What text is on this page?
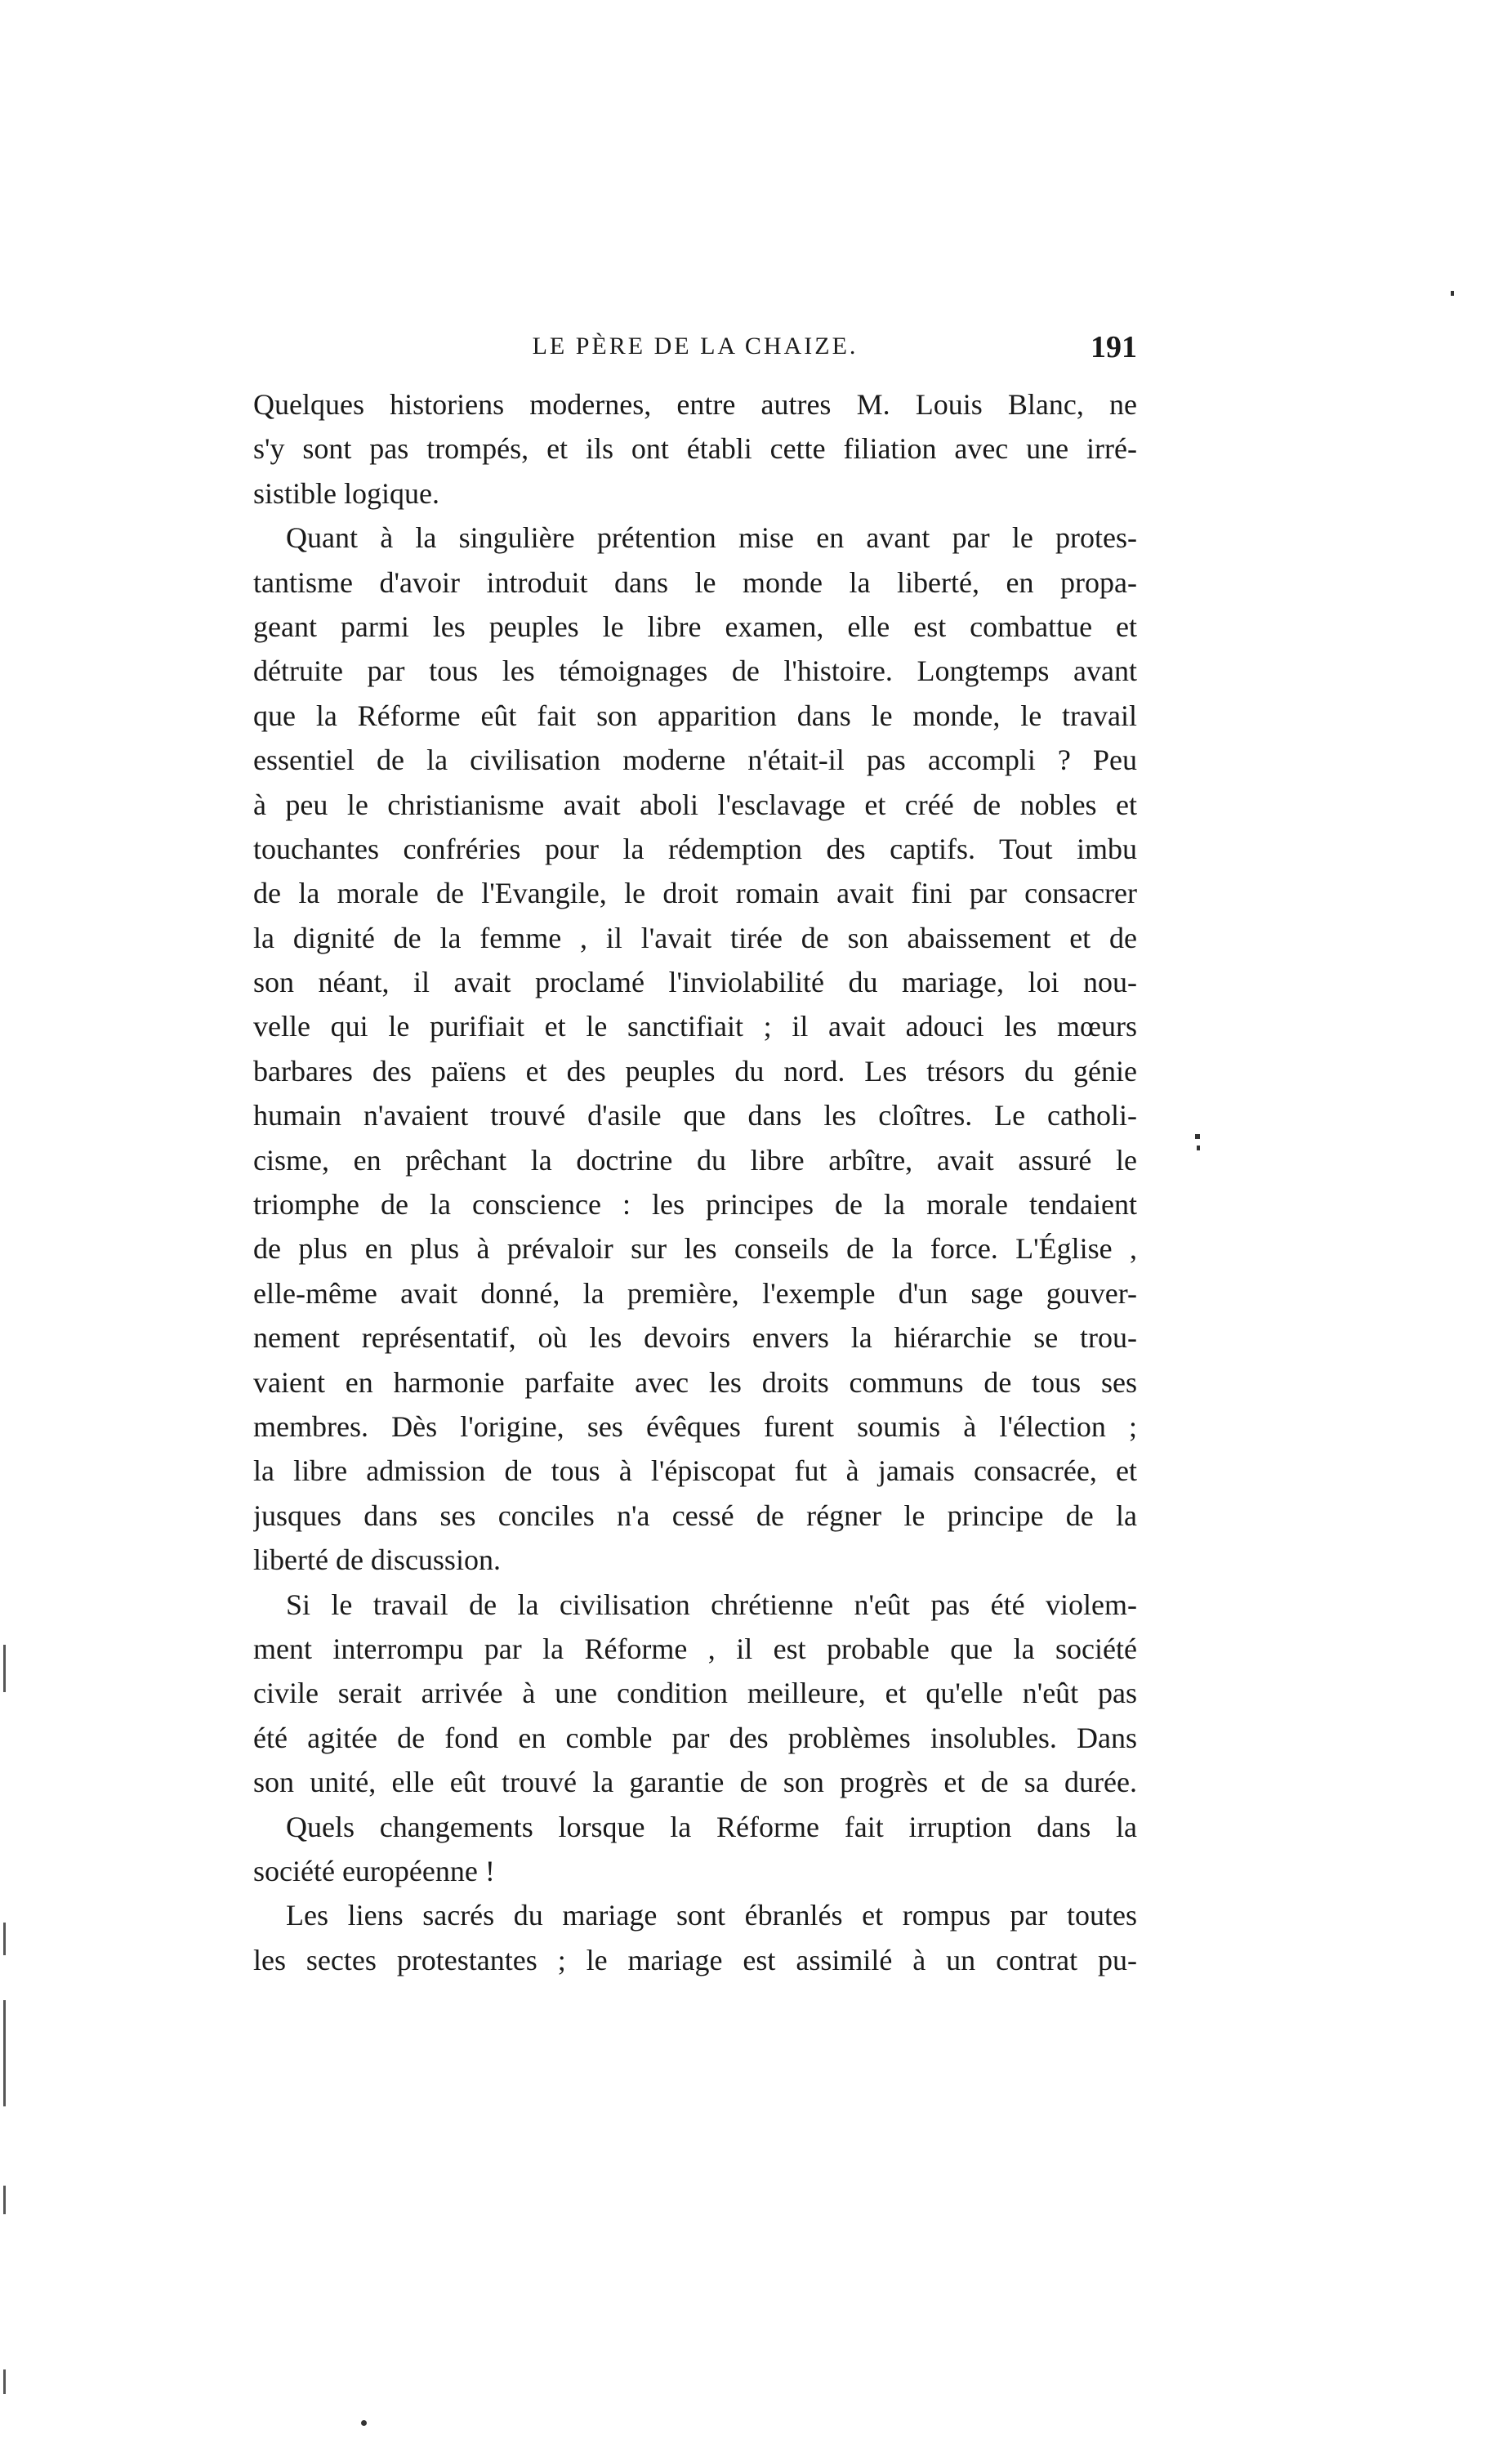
LE PÈRE DE LA CHAIZE.	191
Quelques historiens modernes, entre autres M. Louis Blanc, ne
s'y sont pas trompés, et ils ont établi cette filiation avec une irré-
sistible logique.
Quant à la singulière prétention mise en avant par le protes-
tantisme d'avoir introduit dans le monde la liberté, en propa-
geant parmi les peuples le libre examen, elle est combattue et
détruite par tous les témoignages de l'histoire. Longtemps avant
que la Réforme eût fait son apparition dans le monde, le travail
essentiel de la civilisation moderne n'était-il pas accompli ? Peu
à peu le christianisme avait aboli l'esclavage et créé de nobles et
touchantes confréries pour la rédemption des captifs. Tout imbu
de la morale de l'Evangile, le droit romain avait fini par consacrer
la dignité de la femme , il l'avait tirée de son abaissement et de
son néant, il avait proclamé l'inviolabilité du mariage, loi nou-
velle qui le purifiait et le sanctifiait ; il avait adouci les mœurs
barbares des païens et des peuples du nord. Les trésors du génie
humain n'avaient trouvé d'asile que dans les cloîtres. Le catholi-
cisme, en prêchant la doctrine du libre arbître, avait assuré le
triomphe de la conscience : les principes de la morale tendaient
de plus en plus à prévaloir sur les conseils de la force. L'Église ,
elle-même avait donné, la première, l'exemple d'un sage gouver-
nement représentatif, où les devoirs envers la hiérarchie se trou-
vaient en harmonie parfaite avec les droits communs de tous ses
membres. Dès l'origine, ses évêques furent soumis à l'élection ;
la libre admission de tous à l'épiscopat fut à jamais consacrée, et
jusques dans ses conciles n'a cessé de régner le principe de la
liberté de discussion.
Si le travail de la civilisation chrétienne n'eût pas été violem-
ment interrompu par la Réforme , il est probable que la société
civile serait arrivée à une condition meilleure, et qu'elle n'eût pas
été agitée de fond en comble par des problèmes insolubles. Dans
son unité, elle eût trouvé la garantie de son progrès et de sa durée.
Quels changements lorsque la Réforme fait irruption dans la
société européenne !
Les liens sacrés du mariage sont ébranlés et rompus par toutes
les sectes protestantes ; le mariage est assimilé à un contrat pu-
